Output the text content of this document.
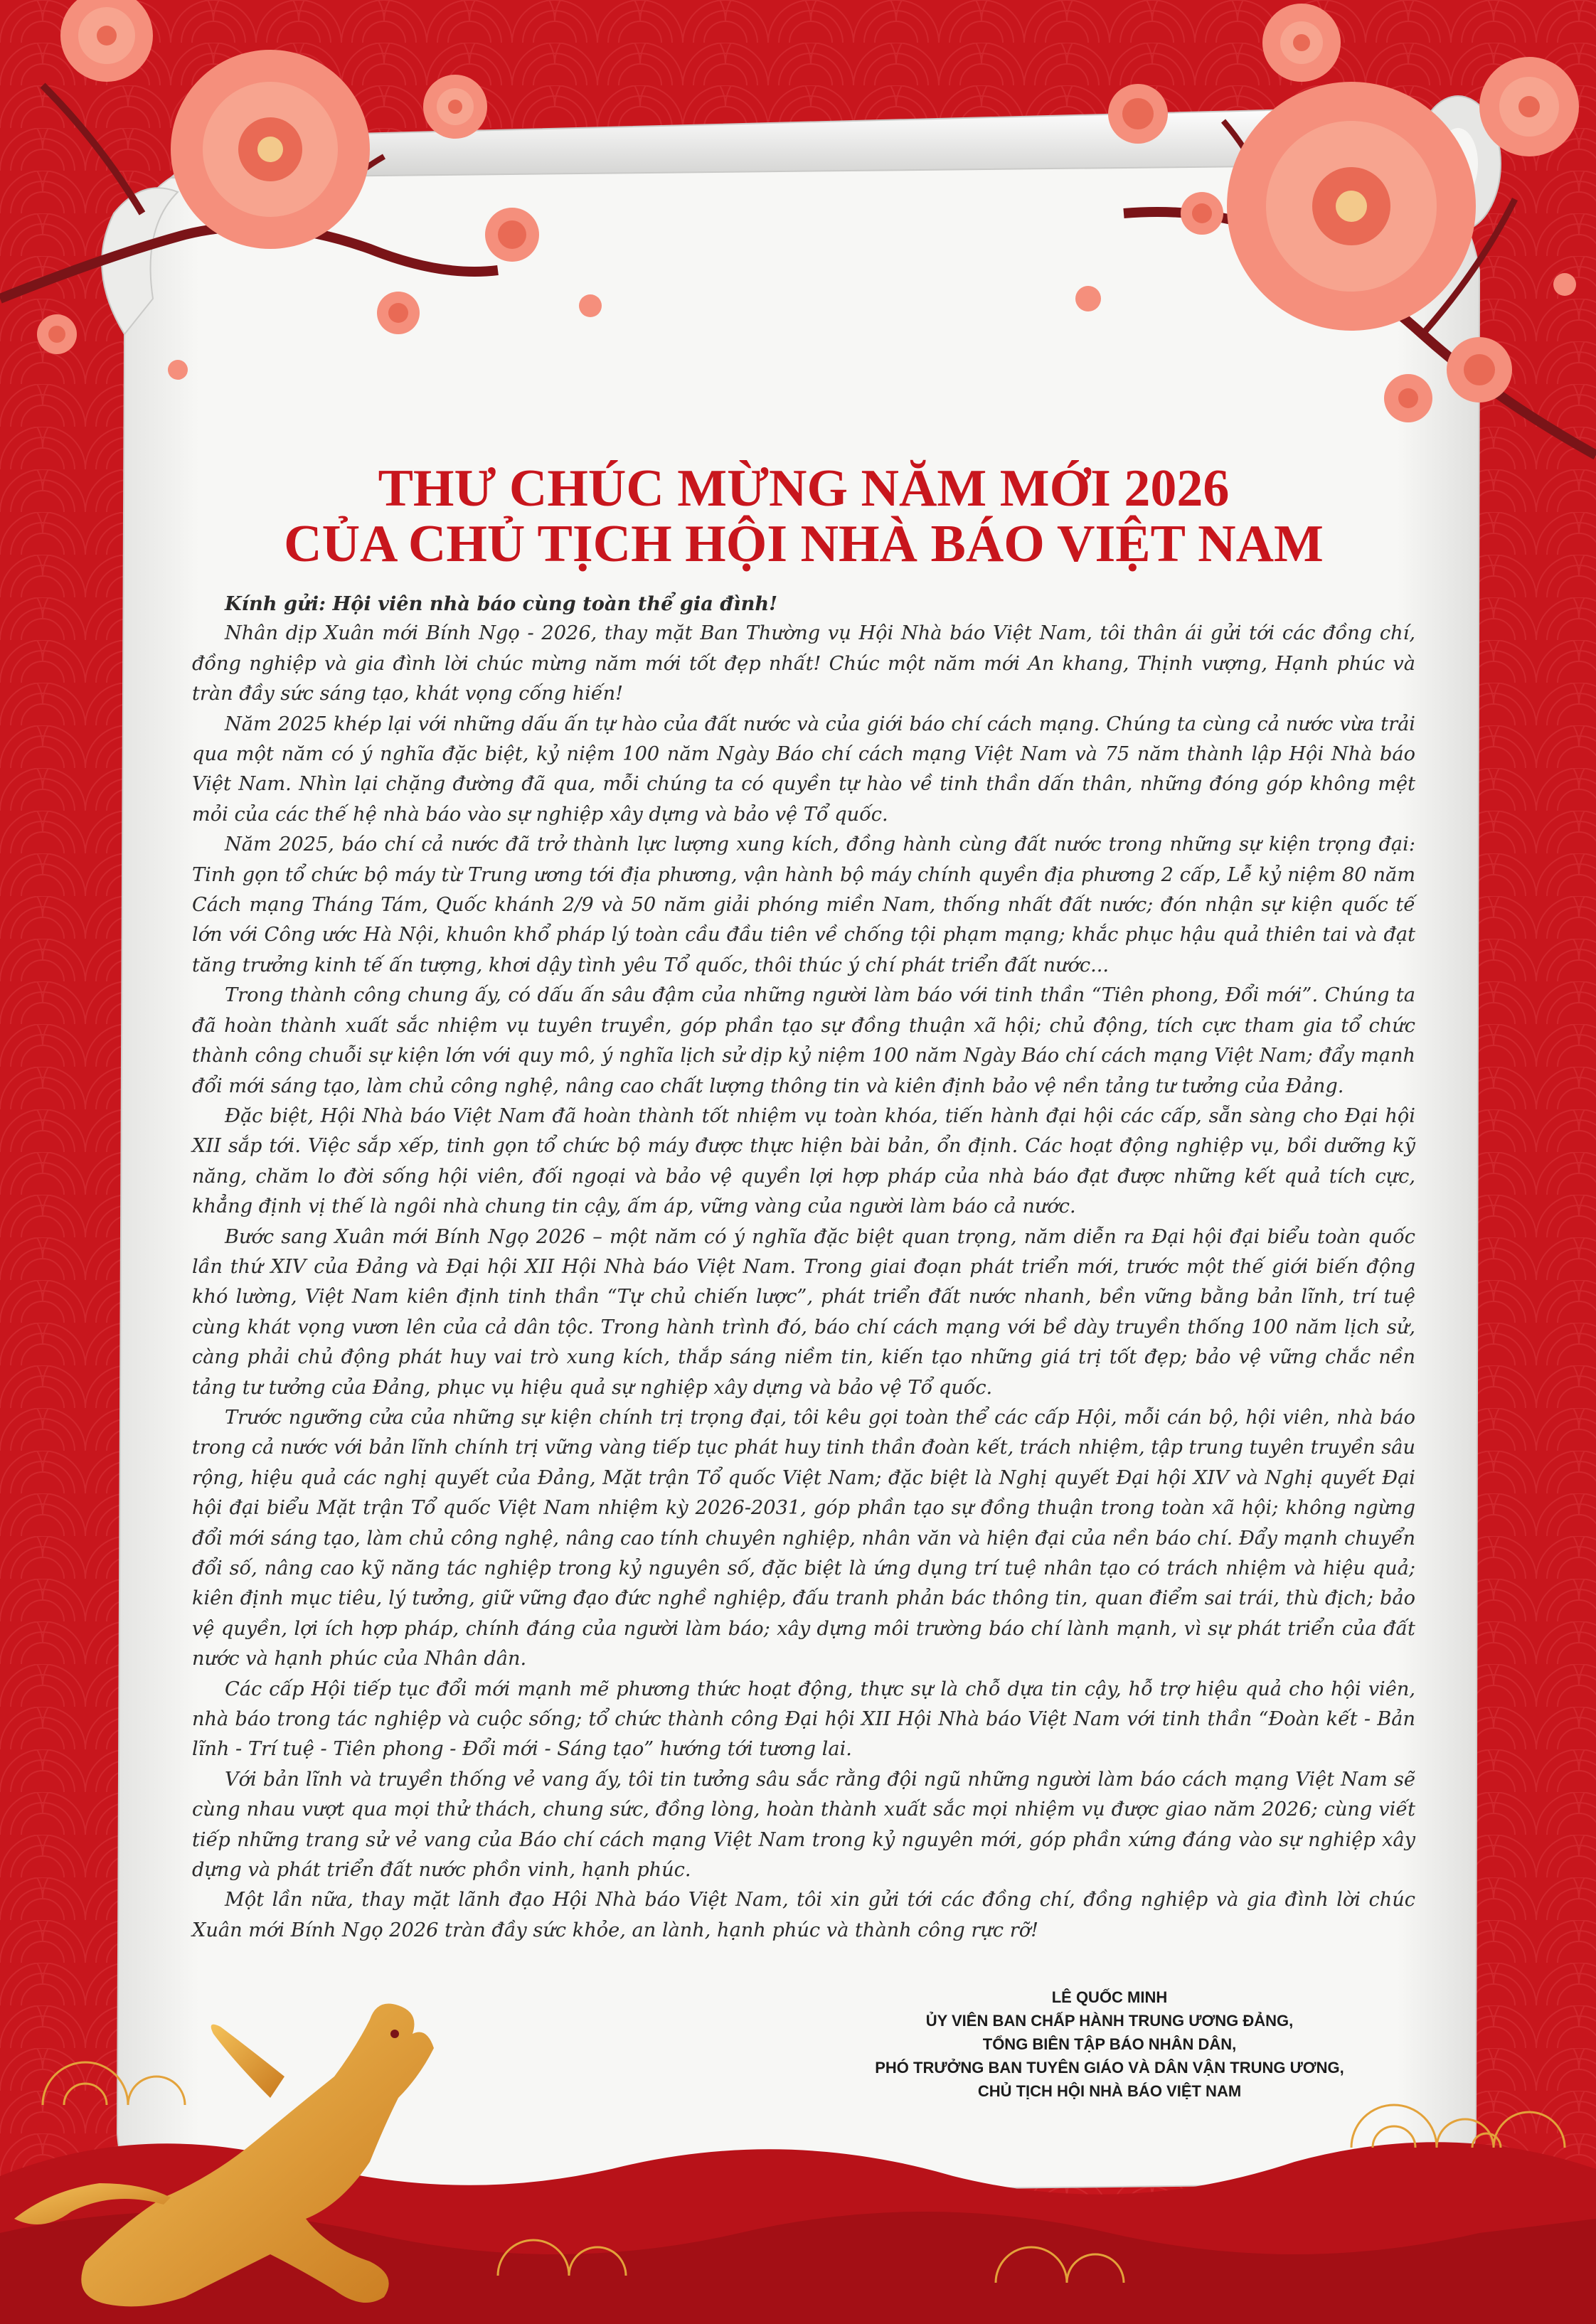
THƯ CHÚC MỪNG NĂM MỚI 2026
CỦA CHỦ TỊCH HỘI NHÀ BÁO VIỆT NAM

Kính gửi: Hội viên nhà báo cùng toàn thể gia đình!

Nhân dịp Xuân mới Bính Ngọ - 2026, thay mặt Ban Thường vụ Hội Nhà báo Việt Nam, tôi thân ái gửi tới các đồng chí, đồng nghiệp và gia đình lời chúc mừng năm mới tốt đẹp nhất! Chúc một năm mới An khang, Thịnh vượng, Hạnh phúc và tràn đầy sức sáng tạo, khát vọng cống hiến!

Năm 2025 khép lại với những dấu ấn tự hào của đất nước và của giới báo chí cách mạng. Chúng ta cùng cả nước vừa trải qua một năm có ý nghĩa đặc biệt, kỷ niệm 100 năm Ngày Báo chí cách mạng Việt Nam và 75 năm thành lập Hội Nhà báo Việt Nam. Nhìn lại chặng đường đã qua, mỗi chúng ta có quyền tự hào về tinh thần dấn thân, những đóng góp không mệt mỏi của các thế hệ nhà báo vào sự nghiệp xây dựng và bảo vệ Tổ quốc.

Năm 2025, báo chí cả nước đã trở thành lực lượng xung kích, đồng hành cùng đất nước trong những sự kiện trọng đại: Tinh gọn tổ chức bộ máy từ Trung ương tới địa phương, vận hành bộ máy chính quyền địa phương 2 cấp, Lễ kỷ niệm 80 năm Cách mạng Tháng Tám, Quốc khánh 2/9 và 50 năm giải phóng miền Nam, thống nhất đất nước; đón nhận sự kiện quốc tế lớn với Công ước Hà Nội, khuôn khổ pháp lý toàn cầu đầu tiên về chống tội phạm mạng; khắc phục hậu quả thiên tai và đạt tăng trưởng kinh tế ấn tượng, khơi dậy tình yêu Tổ quốc, thôi thúc ý chí phát triển đất nước...

Trong thành công chung ấy, có dấu ấn sâu đậm của những người làm báo với tinh thần “Tiên phong, Đổi mới”. Chúng ta đã hoàn thành xuất sắc nhiệm vụ tuyên truyền, góp phần tạo sự đồng thuận xã hội; chủ động, tích cực tham gia tổ chức thành công chuỗi sự kiện lớn với quy mô, ý nghĩa lịch sử dịp kỷ niệm 100 năm Ngày Báo chí cách mạng Việt Nam; đẩy mạnh đổi mới sáng tạo, làm chủ công nghệ, nâng cao chất lượng thông tin và kiên định bảo vệ nền tảng tư tưởng của Đảng.

Đặc biệt, Hội Nhà báo Việt Nam đã hoàn thành tốt nhiệm vụ toàn khóa, tiến hành đại hội các cấp, sẵn sàng cho Đại hội XII sắp tới. Việc sắp xếp, tinh gọn tổ chức bộ máy được thực hiện bài bản, ổn định. Các hoạt động nghiệp vụ, bồi dưỡng kỹ năng, chăm lo đời sống hội viên, đối ngoại và bảo vệ quyền lợi hợp pháp của nhà báo đạt được những kết quả tích cực, khẳng định vị thế là ngôi nhà chung tin cậy, ấm áp, vững vàng của người làm báo cả nước.

Bước sang Xuân mới Bính Ngọ 2026 – một năm có ý nghĩa đặc biệt quan trọng, năm diễn ra Đại hội đại biểu toàn quốc lần thứ XIV của Đảng và Đại hội XII Hội Nhà báo Việt Nam. Trong giai đoạn phát triển mới, trước một thế giới biến động khó lường, Việt Nam kiên định tinh thần “Tự chủ chiến lược”, phát triển đất nước nhanh, bền vững bằng bản lĩnh, trí tuệ cùng khát vọng vươn lên của cả dân tộc. Trong hành trình đó, báo chí cách mạng với bề dày truyền thống 100 năm lịch sử, càng phải chủ động phát huy vai trò xung kích, thắp sáng niềm tin, kiến tạo những giá trị tốt đẹp; bảo vệ vững chắc nền tảng tư tưởng của Đảng, phục vụ hiệu quả sự nghiệp xây dựng và bảo vệ Tổ quốc.

Trước ngưỡng cửa của những sự kiện chính trị trọng đại, tôi kêu gọi toàn thể các cấp Hội, mỗi cán bộ, hội viên, nhà báo trong cả nước với bản lĩnh chính trị vững vàng tiếp tục phát huy tinh thần đoàn kết, trách nhiệm, tập trung tuyên truyền sâu rộng, hiệu quả các nghị quyết của Đảng, Mặt trận Tổ quốc Việt Nam; đặc biệt là Nghị quyết Đại hội XIV và Nghị quyết Đại hội đại biểu Mặt trận Tổ quốc Việt Nam nhiệm kỳ 2026-2031, góp phần tạo sự đồng thuận trong toàn xã hội; không ngừng đổi mới sáng tạo, làm chủ công nghệ, nâng cao tính chuyên nghiệp, nhân văn và hiện đại của nền báo chí. Đẩy mạnh chuyển đổi số, nâng cao kỹ năng tác nghiệp trong kỷ nguyên số, đặc biệt là ứng dụng trí tuệ nhân tạo có trách nhiệm và hiệu quả; kiên định mục tiêu, lý tưởng, giữ vững đạo đức nghề nghiệp, đấu tranh phản bác thông tin, quan điểm sai trái, thù địch; bảo vệ quyền, lợi ích hợp pháp, chính đáng của người làm báo; xây dựng môi trường báo chí lành mạnh, vì sự phát triển của đất nước và hạnh phúc của Nhân dân.

Các cấp Hội tiếp tục đổi mới mạnh mẽ phương thức hoạt động, thực sự là chỗ dựa tin cậy, hỗ trợ hiệu quả cho hội viên, nhà báo trong tác nghiệp và cuộc sống; tổ chức thành công Đại hội XII Hội Nhà báo Việt Nam với tinh thần “Đoàn kết - Bản lĩnh - Trí tuệ - Tiên phong - Đổi mới - Sáng tạo” hướng tới tương lai.

Với bản lĩnh và truyền thống vẻ vang ấy, tôi tin tưởng sâu sắc rằng đội ngũ những người làm báo cách mạng Việt Nam sẽ cùng nhau vượt qua mọi thử thách, chung sức, đồng lòng, hoàn thành xuất sắc mọi nhiệm vụ được giao năm 2026; cùng viết tiếp những trang sử vẻ vang của Báo chí cách mạng Việt Nam trong kỷ nguyên mới, góp phần xứng đáng vào sự nghiệp xây dựng và phát triển đất nước phồn vinh, hạnh phúc.

Một lần nữa, thay mặt lãnh đạo Hội Nhà báo Việt Nam, tôi xin gửi tới các đồng chí, đồng nghiệp và gia đình lời chúc Xuân mới Bính Ngọ 2026 tràn đầy sức khỏe, an lành, hạnh phúc và thành công rực rỡ!

LÊ QUỐC MINH
ỦY VIÊN BAN CHẤP HÀNH TRUNG ƯƠNG ĐẢNG,
TỔNG BIÊN TẬP BÁO NHÂN DÂN,
PHÓ TRƯỞNG BAN TUYÊN GIÁO VÀ DÂN VẬN TRUNG ƯƠNG,
CHỦ TỊCH HỘI NHÀ BÁO VIỆT NAM
